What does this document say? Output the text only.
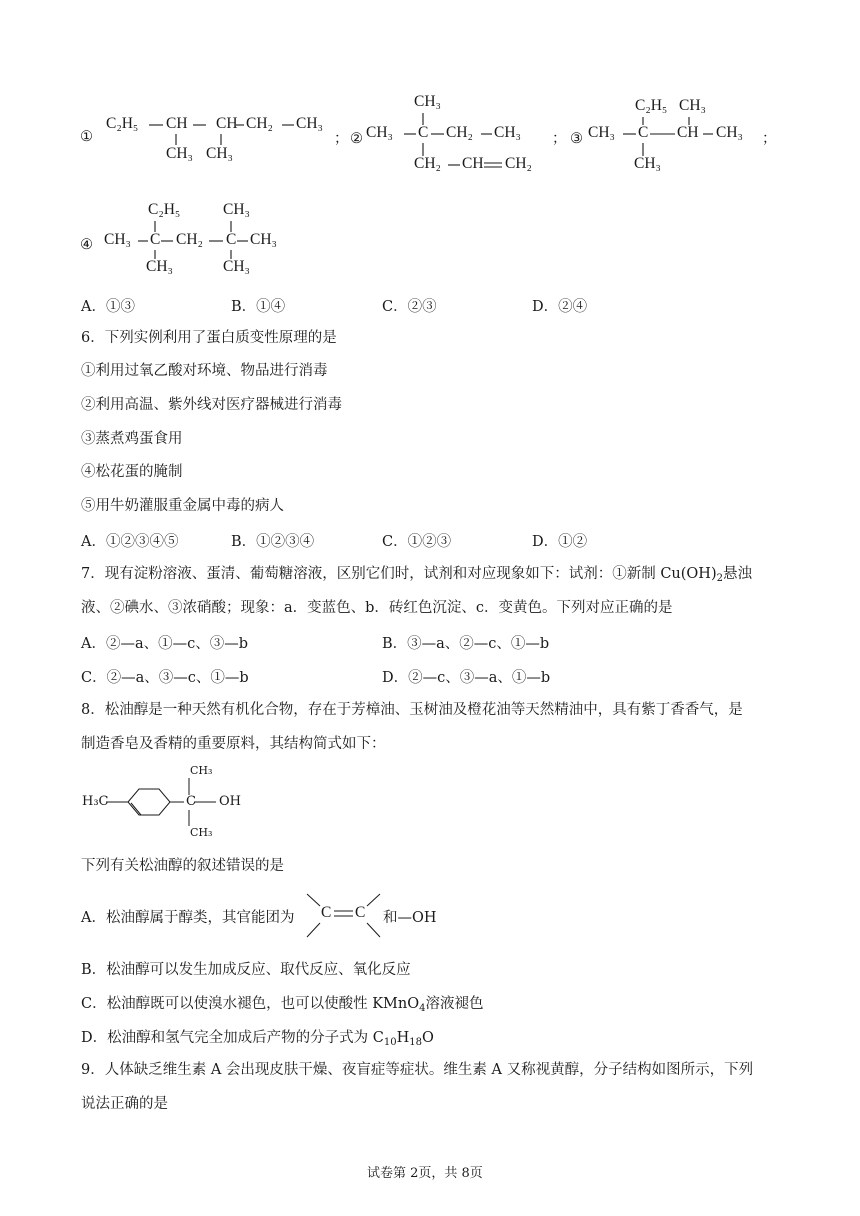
①
C₂H₅ CH CH CH₂ CH₃
CH₃ CH₃
； ②
CH₃
CH₃ C CH₂ CH₃
CH₂ CH CH₂
； ③
C₂H₅ CH₃
CH₃ C CH CH₃
CH₃
；
④
C₂H₅	CH₃
CH₃ C CH₂ C CH₃
CH₃	CH₃
A．①③	B．①④	C．②③	D．②④
6．下列实例利用了蛋白质变性原理的是
①利用过氧乙酸对环境、物品进行消毒
②利用高温、紫外线对医疗器械进行消毒
③蒸煮鸡蛋食用
④松花蛋的腌制
⑤用牛奶灌服重金属中毒的病人
A．①②③④⑤	B．①②③④	C．①②③	D．①②
7．现有淀粉溶液、蛋清、葡萄糖溶液，区别它们时，试剂和对应现象如下：试剂：①新制 $Cu(OH)_2$悬浊
液、②碘水、③浓硝酸；现象：a．变蓝色、b．砖红色沉淀、c．变黄色。下列对应正确的是
A．②—a、①—c、③—b	B．③—a、②—c、①—b
C．②—a、③—c、①—b	D．②—c、③—a、①—b
8．松油醇是一种天然有机化合物，存在于芳樟油、玉树油及橙花油等天然精油中，具有紫丁香香气，是
制造香皂及香精的重要原料，其结构简式如下：
H₃C	C OH
CH₃
CH₃
下列有关松油醇的叙述错误的是
A．松油醇属于醇类，其官能团为 C C 和—OH
B．松油醇可以发生加成反应、取代反应、氧化反应
C．松油醇既可以使溴水褪色，也可以使酸性 KMnO$_4$溶液褪色
D．松油醇和氢气完全加成后产物的分子式为 $C_{10}H_{18}O$
9．人体缺乏维生素 A 会出现皮肤干燥、夜盲症等症状。维生素 A 又称视黄醇，分子结构如图所示，下列
说法正确的是
试卷第 2页，共 8页
